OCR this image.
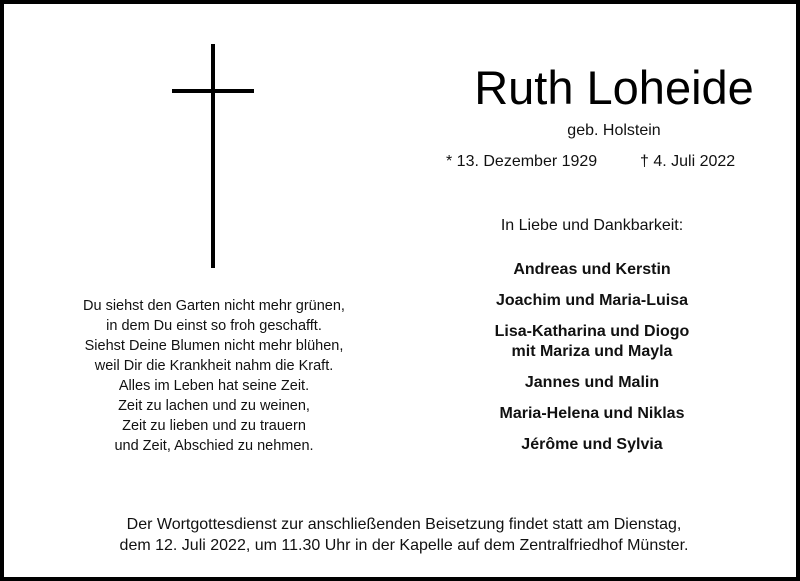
Ruth Loheide
geb. Holstein
* 13. Dezember 1929	† 4. Juli 2022
Du siehst den Garten nicht mehr grünen,
in dem Du einst so froh geschafft.
Siehst Deine Blumen nicht mehr blühen,
weil Dir die Krankheit nahm die Kraft.
Alles im Leben hat seine Zeit.
Zeit zu lachen und zu weinen,
Zeit zu lieben und zu trauern
und Zeit, Abschied zu nehmen.
In Liebe und Dankbarkeit:
Andreas und Kerstin
Joachim und Maria-Luisa
Lisa-Katharina und Diogo
mit Mariza und Mayla
Jannes und Malin
Maria-Helena und Niklas
Jérôme und Sylvia
Der Wortgottesdienst zur anschließenden Beisetzung findet statt am Dienstag,
dem 12. Juli 2022, um 11.30 Uhr in der Kapelle auf dem Zentralfriedhof Münster.
